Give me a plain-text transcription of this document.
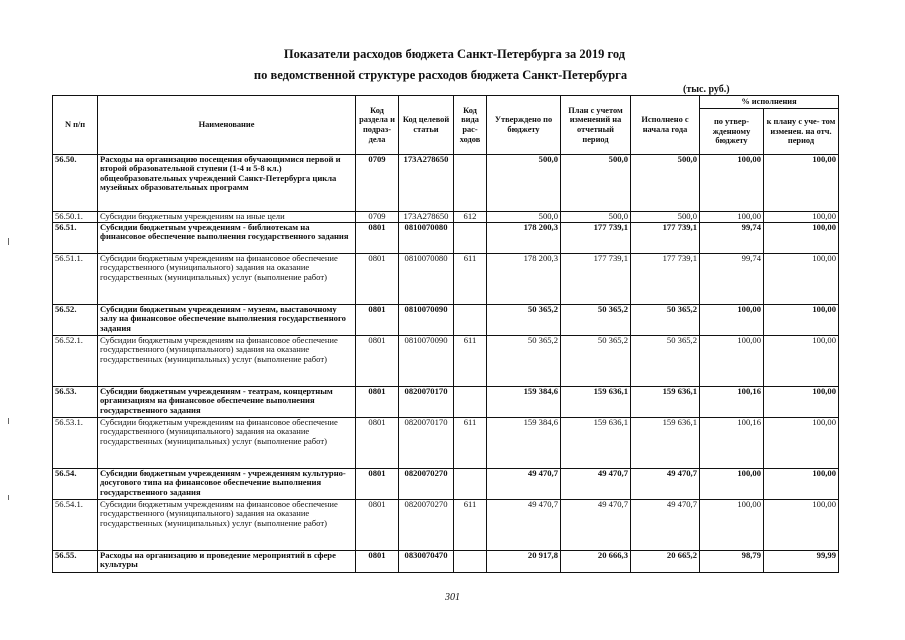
Показатели расходов бюджета Санкт-Петербурга за 2019 год
по ведомственной структуре расходов бюджета Санкт-Петербурга
(тыс. руб.)
N п/п	Наименование	Код раздела и подраз- дела	Код целевой статьи	Код вида рас- ходов	Утверждено по бюджету	План с учетом изменений на отчетный период	Исполнено с начала года	% исполнения	
								по утвер- жденному бюджету	к плану с уче- том изменен. на отч. период
56.50.	Расходы на организацию посещения обучающимися первой и второй образовательной ступени (1-4 и 5-8 кл.) общеобразовательных учреждений Санкт-Петербурга цикла музейных образовательных программ	0709	173А278650		500,0	500,0	500,0	100,00	100,00
56.50.1.	Субсидии бюджетным учреждениям на иные цели	0709	173А278650	612	500,0	500,0	500,0	100,00	100,00
56.51.	Субсидии бюджетным учреждениям - библиотекам на финансовое обеспечение выполнения государственного задания	0801	0810070080		178 200,3	177 739,1	177 739,1	99,74	100,00
56.51.1.	Субсидии бюджетным учреждениям на финансовое обеспечение государственного (муниципального) задания на оказание государственных (муниципальных) услуг (выполнение работ)	0801	0810070080	611	178 200,3	177 739,1	177 739,1	99,74	100,00
56.52.	Субсидии бюджетным учреждениям - музеям, выставочному залу на финансовое обеспечение выполнения государственного задания	0801	0810070090		50 365,2	50 365,2	50 365,2	100,00	100,00
56.52.1.	Субсидии бюджетным учреждениям на финансовое обеспечение государственного (муниципального) задания на оказание государственных (муниципальных) услуг (выполнение работ)	0801	0810070090	611	50 365,2	50 365,2	50 365,2	100,00	100,00
56.53.	Субсидии бюджетным учреждениям - театрам, концертным организациям на финансовое обеспечение выполнения государственного задания	0801	0820070170		159 384,6	159 636,1	159 636,1	100,16	100,00
56.53.1.	Субсидии бюджетным учреждениям на финансовое обеспечение государственного (муниципального) задания на оказание государственных (муниципальных) услуг (выполнение работ)	0801	0820070170	611	159 384,6	159 636,1	159 636,1	100,16	100,00
56.54.	Субсидии бюджетным учреждениям - учреждениям культурно-досугового типа на финансовое обеспечение выполнения государственного задания	0801	0820070270		49 470,7	49 470,7	49 470,7	100,00	100,00
56.54.1.	Субсидии бюджетным учреждениям на финансовое обеспечение государственного (муниципального) задания на оказание государственных (муниципальных) услуг (выполнение работ)	0801	0820070270	611	49 470,7	49 470,7	49 470,7	100,00	100,00
56.55.	Расходы на организацию и проведение мероприятий в сфере культуры	0801	0830070470		20 917,8	20 666,3	20 665,2	98,79	99,99
301
